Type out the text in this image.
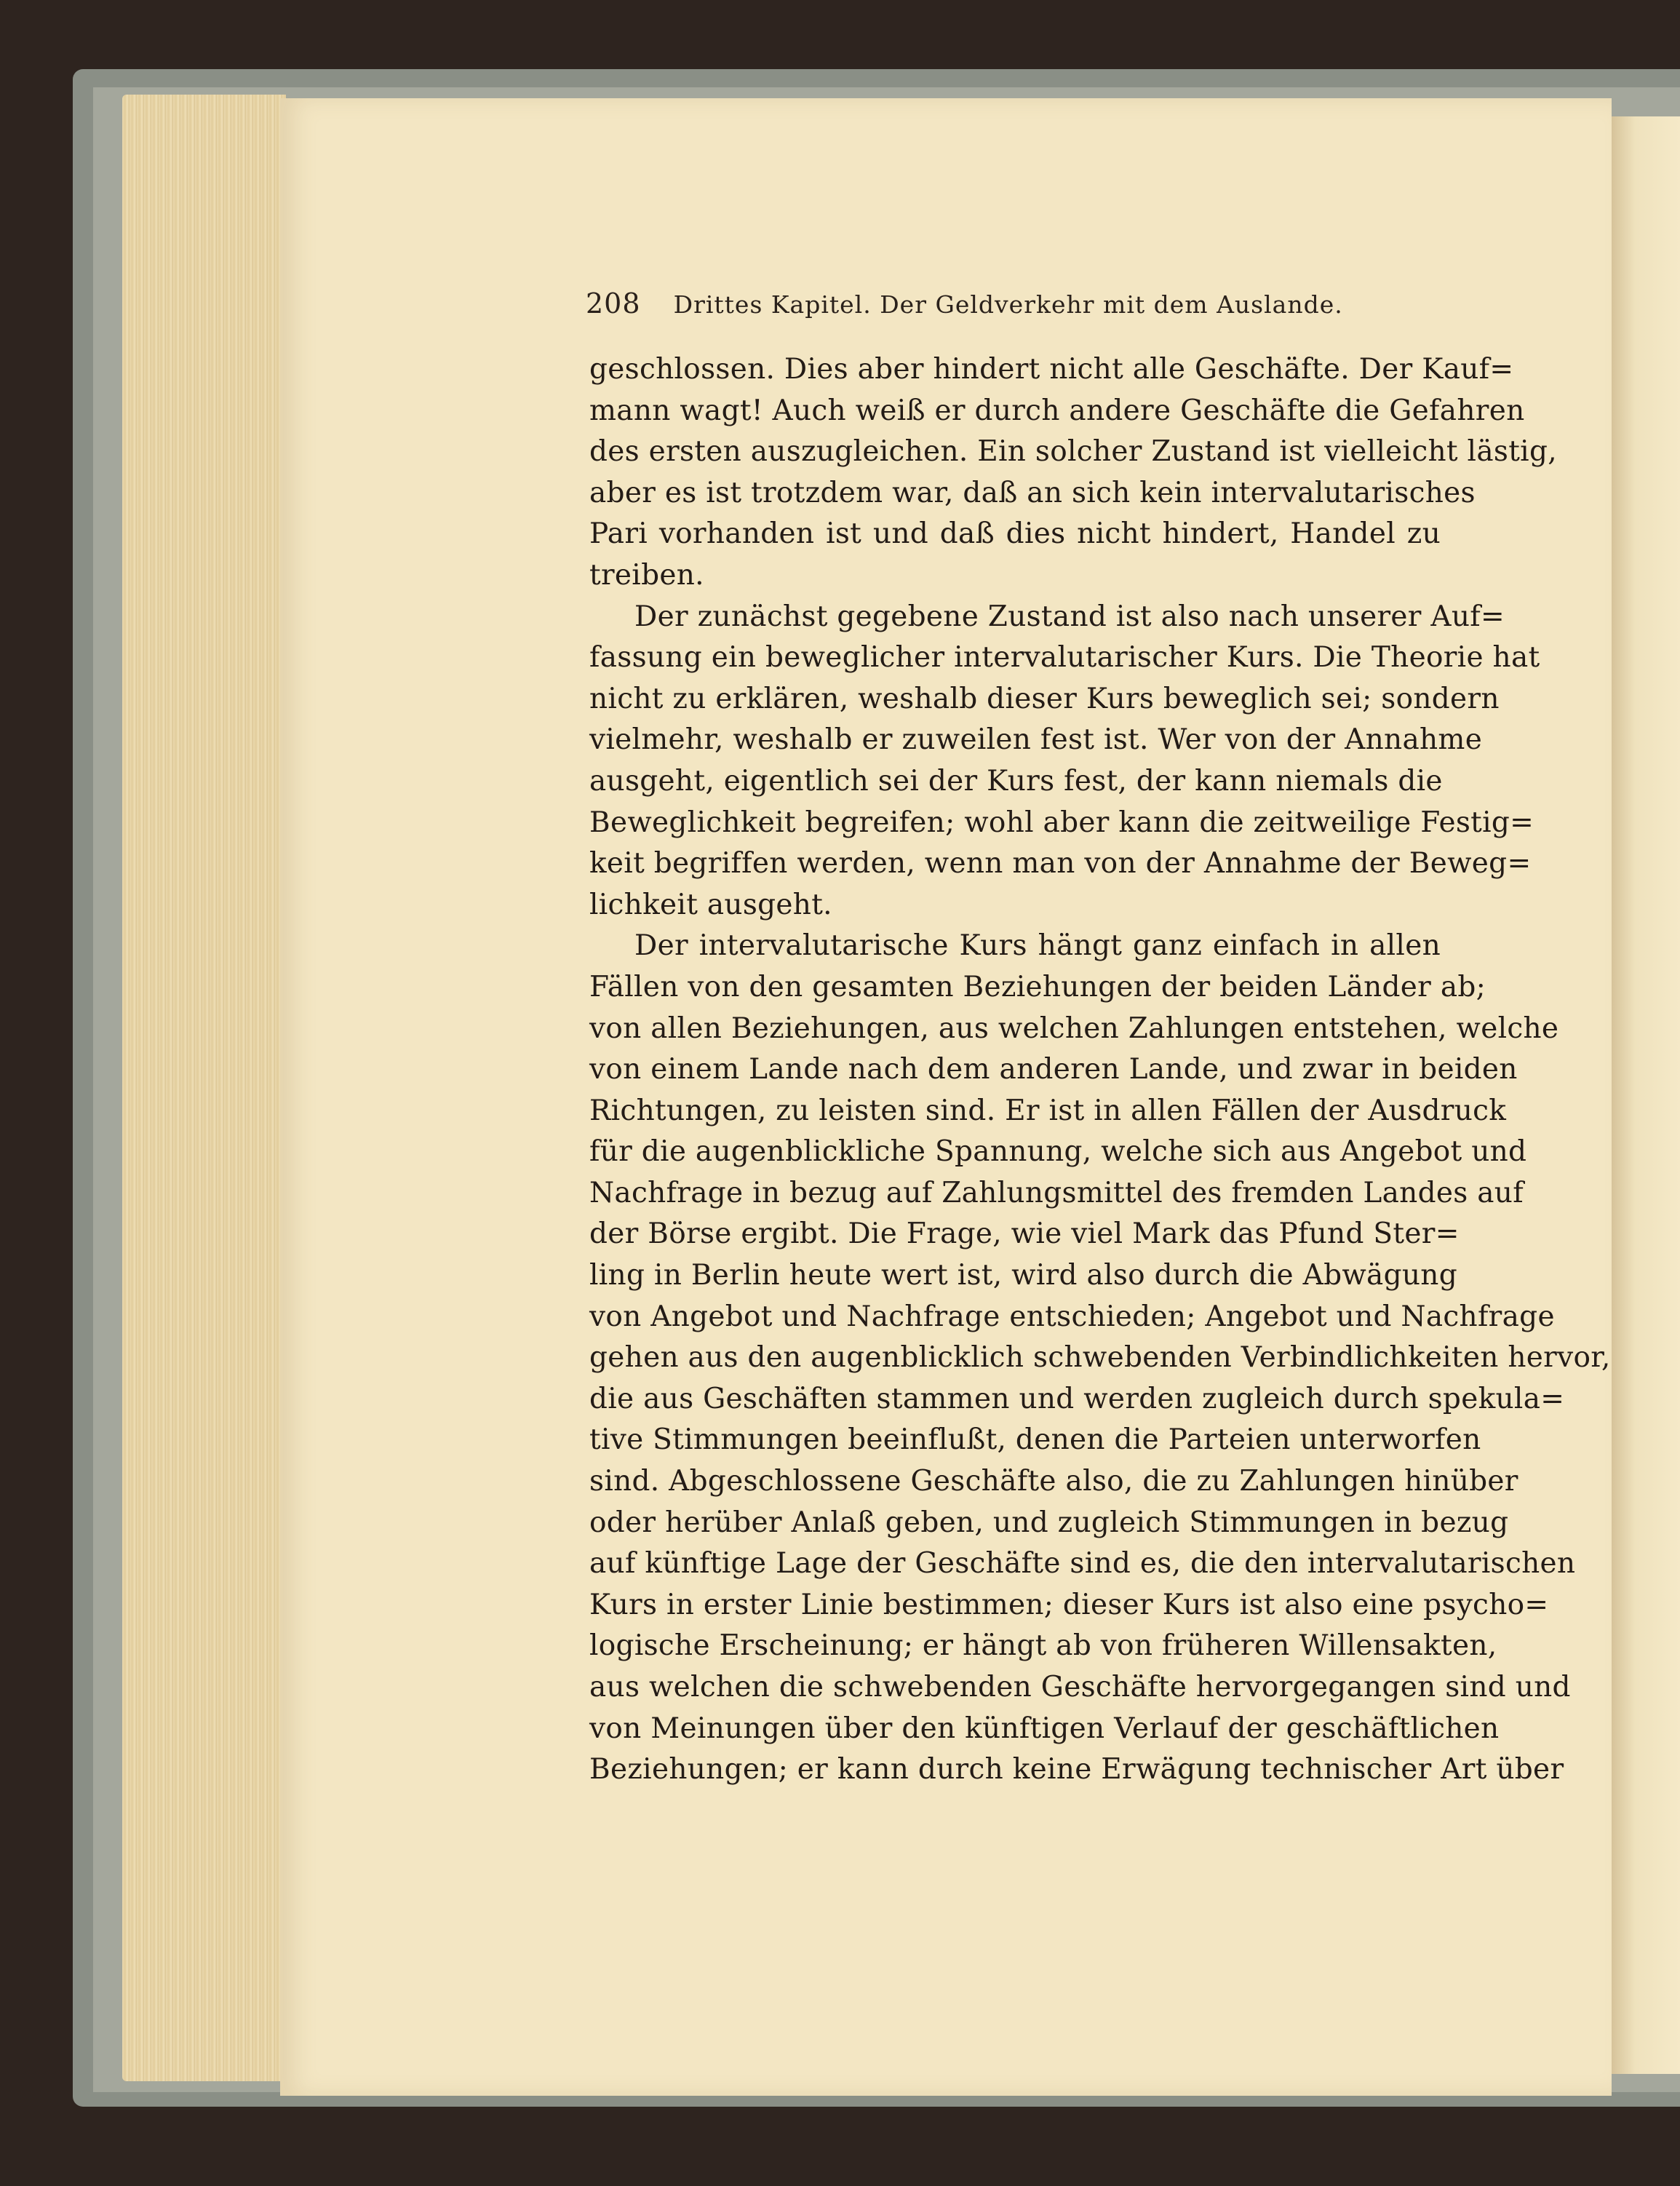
208 Drittes Kapitel. Der Geldverkehr mit dem Auslande.
geschlossen. Dies aber hindert nicht alle Geschäfte. Der Kauf=
mann wagt! Auch weiß er durch andere Geschäfte die Gefahren
des ersten auszugleichen. Ein solcher Zustand ist vielleicht lästig,
aber es ist trotzdem war, daß an sich kein intervalutarisches
Pari vorhanden ist und daß dies nicht hindert, Handel zu
treiben.
Der zunächst gegebene Zustand ist also nach unserer Auf=
fassung ein beweglicher intervalutarischer Kurs. Die Theorie hat
nicht zu erklären, weshalb dieser Kurs beweglich sei; sondern
vielmehr, weshalb er zuweilen fest ist. Wer von der Annahme
ausgeht, eigentlich sei der Kurs fest, der kann niemals die
Beweglichkeit begreifen; wohl aber kann die zeitweilige Festig=
keit begriffen werden, wenn man von der Annahme der Beweg=
lichkeit ausgeht.
Der intervalutarische Kurs hängt ganz einfach in allen
Fällen von den gesamten Beziehungen der beiden Länder ab;
von allen Beziehungen, aus welchen Zahlungen entstehen, welche
von einem Lande nach dem anderen Lande, und zwar in beiden
Richtungen, zu leisten sind. Er ist in allen Fällen der Ausdruck
für die augenblickliche Spannung, welche sich aus Angebot und
Nachfrage in bezug auf Zahlungsmittel des fremden Landes auf
der Börse ergibt. Die Frage, wie viel Mark das Pfund Ster=
ling in Berlin heute wert ist, wird also durch die Abwägung
von Angebot und Nachfrage entschieden; Angebot und Nachfrage
gehen aus den augenblicklich schwebenden Verbindlichkeiten hervor,
die aus Geschäften stammen und werden zugleich durch spekula=
tive Stimmungen beeinflußt, denen die Parteien unterworfen
sind. Abgeschlossene Geschäfte also, die zu Zahlungen hinüber
oder herüber Anlaß geben, und zugleich Stimmungen in bezug
auf künftige Lage der Geschäfte sind es, die den intervalutarischen
Kurs in erster Linie bestimmen; dieser Kurs ist also eine psycho=
logische Erscheinung; er hängt ab von früheren Willensakten,
aus welchen die schwebenden Geschäfte hervorgegangen sind und
von Meinungen über den künftigen Verlauf der geschäftlichen
Beziehungen; er kann durch keine Erwägung technischer Art über
